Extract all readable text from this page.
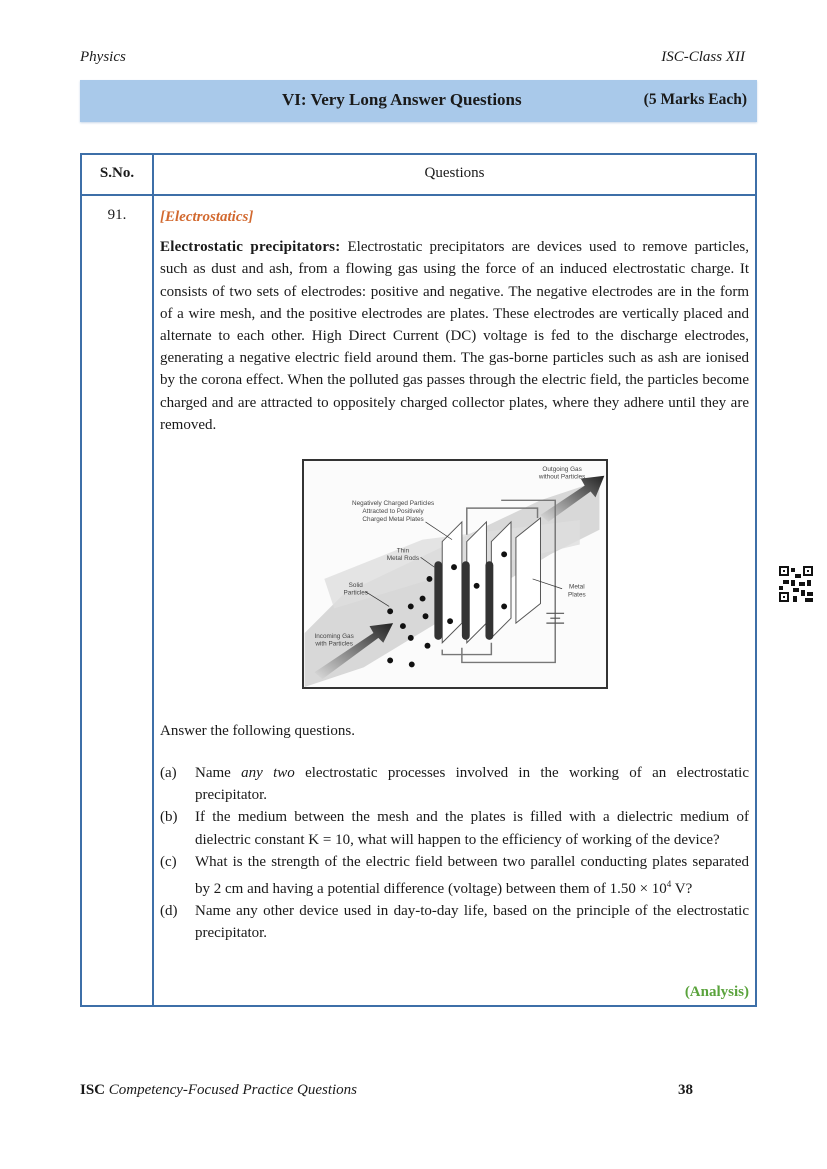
Physics	ISC-Class XII
VI: Very Long Answer Questions	(5 Marks Each)
S.No.	Questions
91.	[Electrostatics]
Electrostatic precipitators: Electrostatic precipitators are devices used to remove particles, such as dust and ash, from a flowing gas using the force of an induced electrostatic charge. It consists of two sets of electrodes: positive and negative. The negative electrodes are in the form of a wire mesh, and the positive electrodes are plates. These electrodes are vertically placed and alternate to each other. High Direct Current (DC) voltage is fed to the discharge electrodes, generating a negative electric field around them. The gas-borne particles such as ash are ionised by the corona effect. When the polluted gas passes through the electric field, the particles become charged and are attracted to oppositely charged collector plates, where they adhere until they are removed.
Outgoing Gas without Particles
Negatively Charged Particles Attracted to Positively Charged Metal Plates
Thin Metal Rods
Solid Particles
Metal Plates
Incoming Gas with Particles
Answer the following questions.
(a)	Name any two electrostatic processes involved in the working of an electrostatic precipitator.
(b)	If the medium between the mesh and the plates is filled with a dielectric medium of dielectric constant K = 10, what will happen to the efficiency of working of the device?
(c)	What is the strength of the electric field between two parallel conducting plates separated by 2 cm and having a potential difference (voltage) between them of $1.50 \times 10^4$ V?
(d)	Name any other device used in day-to-day life, based on the principle of the electrostatic precipitator.
(Analysis)
ISC Competency-Focused Practice Questions	38
